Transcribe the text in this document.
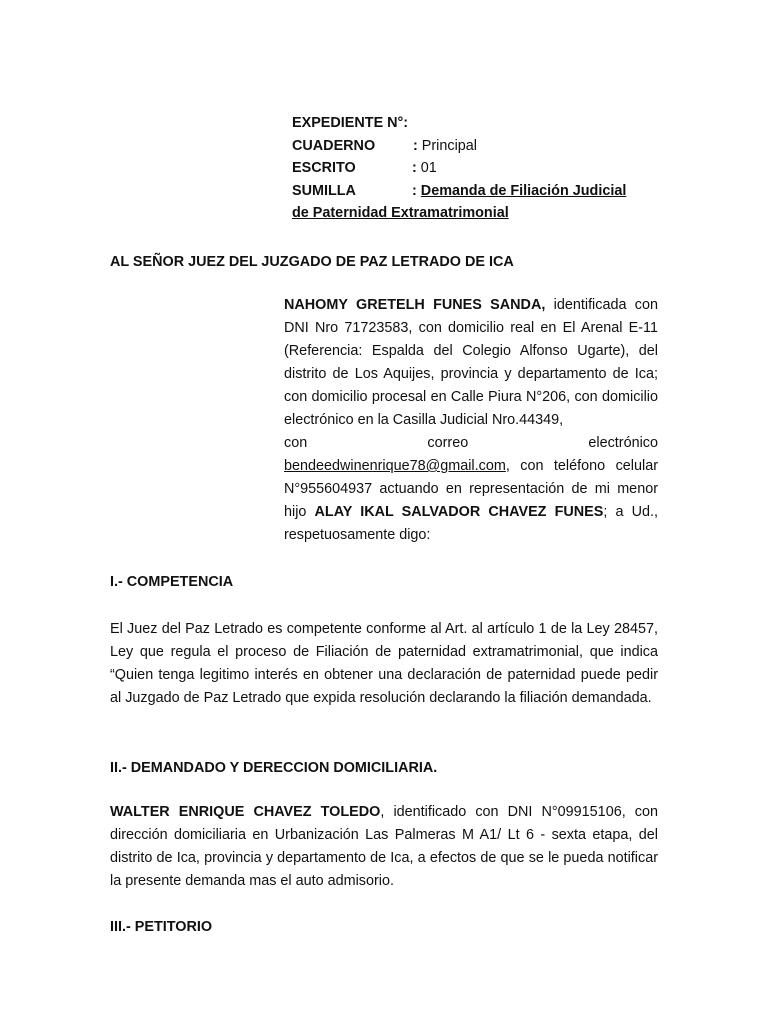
EXPEDIENTE N°:
CUADERNO	: Principal
ESCRITO	: 01
SUMILLA	: Demanda de Filiación Judicial
de Paternidad Extramatrimonial
AL SEÑOR JUEZ DEL JUZGADO DE PAZ LETRADO DE ICA
NAHOMY GRETELH FUNES SANDA, identificada con DNI Nro 71723583, con domicilio real en El Arenal E-11 (Referencia: Espalda del Colegio Alfonso Ugarte), del distrito de Los Aquijes, provincia y departamento de Ica; con domicilio procesal en Calle Piura N°206, con domicilio electrónico en la Casilla Judicial Nro.44349,
con	correo	electrónico
bendeedwinenrique78@gmail.com, con teléfono celular N°955604937 actuando en representación de mi menor hijo ALAY IKAL SALVADOR CHAVEZ FUNES; a Ud., respetuosamente digo:
I.- COMPETENCIA
El Juez del Paz Letrado es competente conforme al Art. al artículo 1 de la Ley 28457, Ley que regula el proceso de Filiación de paternidad extramatrimonial, que indica “Quien tenga legitimo interés en obtener una declaración de paternidad puede pedir al Juzgado de Paz Letrado que expida resolución declarando la filiación demandada.
II.- DEMANDADO Y DERECCION DOMICILIARIA.
WALTER ENRIQUE CHAVEZ TOLEDO, identificado con DNI N°09915106, con dirección domiciliaria en Urbanización Las Palmeras M A1/ Lt 6 - sexta etapa, del distrito de Ica, provincia y departamento de Ica, a efectos de que se le pueda notificar la presente demanda mas el auto admisorio.
III.- PETITORIO
